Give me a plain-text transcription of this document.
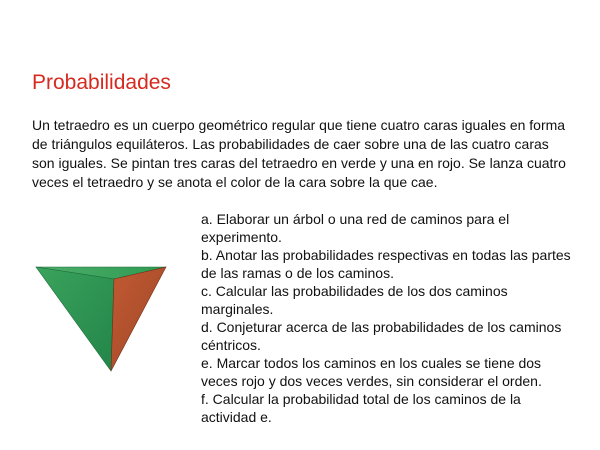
Probabilidades

Un tetraedro es un cuerpo geométrico regular que tiene cuatro caras iguales en forma de triángulos equiláteros. Las probabilidades de caer sobre una de las cuatro caras son iguales. Se pintan tres caras del tetraedro en verde y una en rojo. Se lanza cuatro veces el tetraedro y se anota el color de la cara sobre la que cae.

a. Elaborar un árbol o una red de caminos para el experimento.
b. Anotar las probabilidades respectivas en todas las partes de las ramas o de los caminos.
c. Calcular las probabilidades de los dos caminos marginales.
d. Conjeturar acerca de las probabilidades de los caminos céntricos.
e. Marcar todos los caminos en los cuales se tiene dos veces rojo y dos veces verdes, sin considerar el orden.
f. Calcular la probabilidad total de los caminos de la actividad e.
